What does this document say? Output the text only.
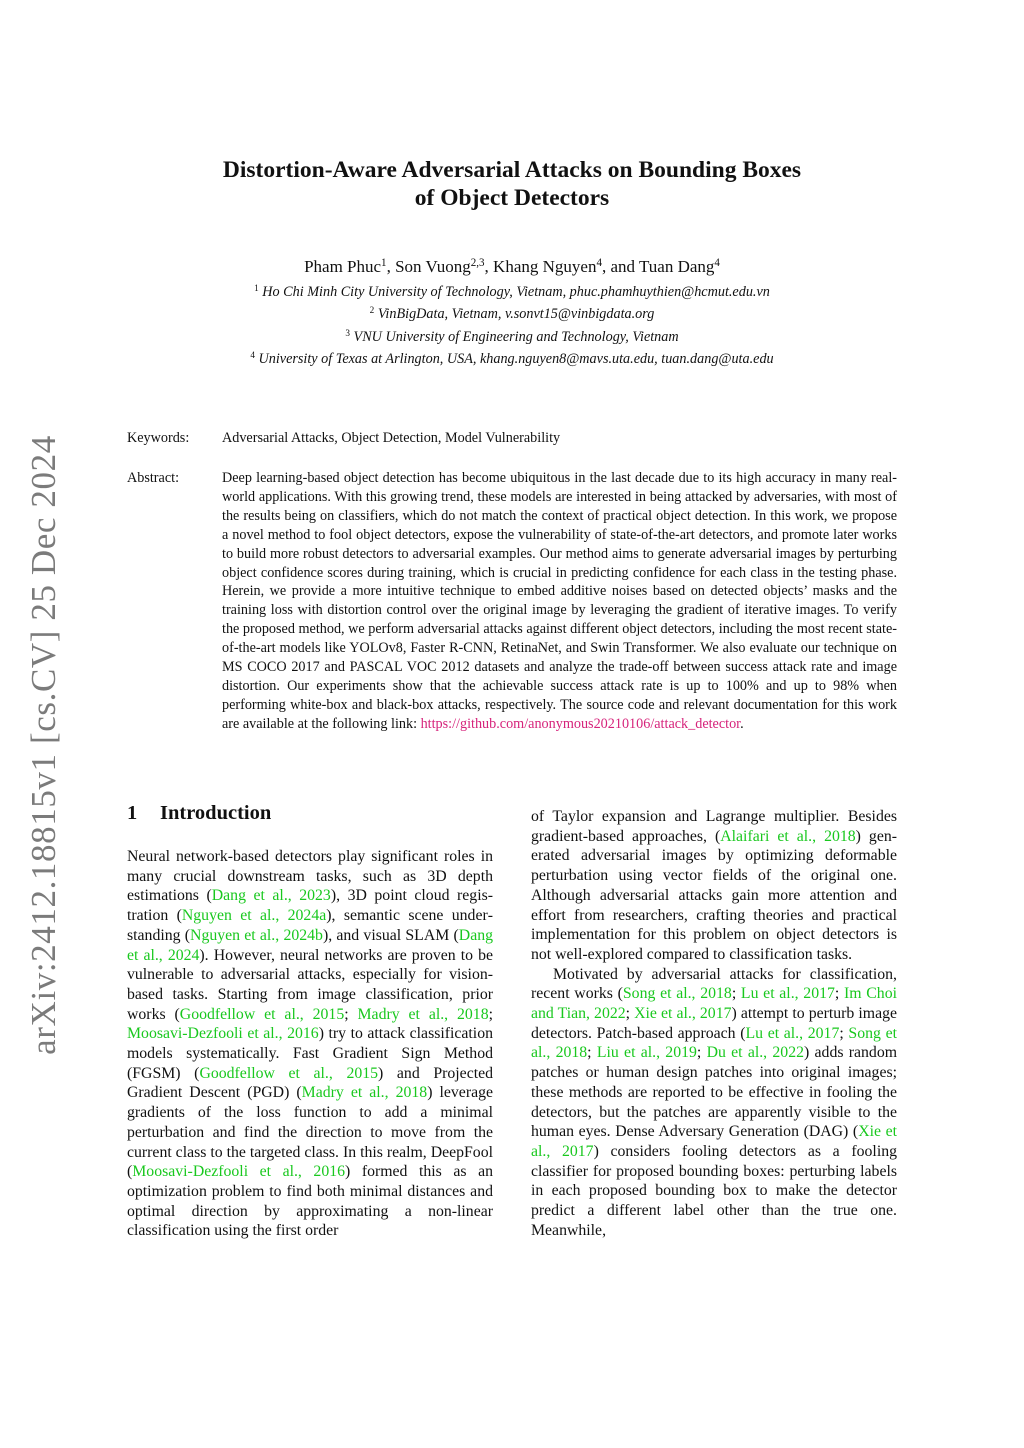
arXiv:2412.18815v1 [cs.CV] 25 Dec 2024
Distortion-Aware Adversarial Attacks on Bounding Boxes
of Object Detectors
Pham Phuc$^1$, Son Vuong$^{2,3}$, Khang Nguyen$^4$, and Tuan Dang$^4$
$^1$ Ho Chi Minh City University of Technology, Vietnam, phuc.phamhuythien@hcmut.edu.vn
$^2$ VinBigData, Vietnam, v.sonvt15@vinbigdata.org
$^3$ VNU University of Engineering and Technology, Vietnam
$^4$ University of Texas at Arlington, USA, khang.nguyen8@mavs.uta.edu, tuan.dang@uta.edu
Keywords: Adversarial Attacks, Object Detection, Model Vulnerability
Abstract:	Deep learning-based object detection has become ubiquitous in the last decade due to its high accuracy in many real-world applications. With this growing trend, these models are interested in being attacked by adversaries, with most of the results being on classifiers, which do not match the context of practical object detection. In this work, we propose a novel method to fool object detectors, expose the vulnerability of state-of-the-art detectors, and promote later works to build more robust detectors to adversarial examples. Our method aims to generate adversarial images by perturbing object confidence scores during training, which is crucial in predicting confidence for each class in the testing phase. Herein, we provide a more intuitive technique to embed additive noises based on detected objects’ masks and the training loss with distortion control over the original image by leveraging the gradient of iterative images. To verify the proposed method, we perform adversarial attacks against different object detectors, including the most recent state-of-the-art models like YOLOv8, Faster R-CNN, RetinaNet, and Swin Transformer. We also evaluate our technique on MS COCO 2017 and PASCAL VOC 2012 datasets and analyze the trade-off between success attack rate and image distortion. Our experiments show that the achievable success attack rate is up to 100% and up to 98% when performing white-box and black-box attacks, respectively. The source code and relevant documentation for this work are available at the following link: https://github.com/anonymous20210106/attack_detector.
1 Introduction

Neural network-based detectors play significant roles in many crucial downstream tasks, such as 3D depth estimations (Dang et al., 2023), 3D point cloud registration (Nguyen et al., 2024a), semantic scene understanding (Nguyen et al., 2024b), and visual SLAM (Dang et al., 2024). However, neural networks are proven to be vulnerable to adversarial attacks, especially for vision-based tasks. Starting from image classification, prior works (Goodfellow et al., 2015; Madry et al., 2018; Moosavi-Dezfooli et al., 2016) try to attack classification models systematically. Fast Gradient Sign Method (FGSM) (Goodfellow et al., 2015) and Projected Gradient Descent (PGD) (Madry et al., 2018) leverage gradients of the loss function to add a minimal perturbation and find the direction to move from the current class to the targeted class. In this realm, DeepFool (Moosavi-Dezfooli et al., 2016) formed this as an optimization problem to find both minimal distances and optimal direction by approximating a non-linear classification using the first order

of Taylor expansion and Lagrange multiplier. Besides gradient-based approaches, (Alaifari et al., 2018) generated adversarial images by optimizing deformable perturbation using vector fields of the original one. Although adversarial attacks gain more attention and effort from researchers, crafting theories and practical implementation for this problem on object detectors is not well-explored compared to classification tasks.

Motivated by adversarial attacks for classification, recent works (Song et al., 2018; Lu et al., 2017; Im Choi and Tian, 2022; Xie et al., 2017) attempt to perturb image detectors. Patch-based approach (Lu et al., 2017; Song et al., 2018; Liu et al., 2019; Du et al., 2022) adds random patches or human design patches into original images; these methods are reported to be effective in fooling the detectors, but the patches are apparently visible to the human eyes. Dense Adversary Generation (DAG) (Xie et al., 2017) considers fooling detectors as a fooling classifier for proposed bounding boxes: perturbing labels in each proposed bounding box to make the detector predict a different label other than the true one. Meanwhile,
